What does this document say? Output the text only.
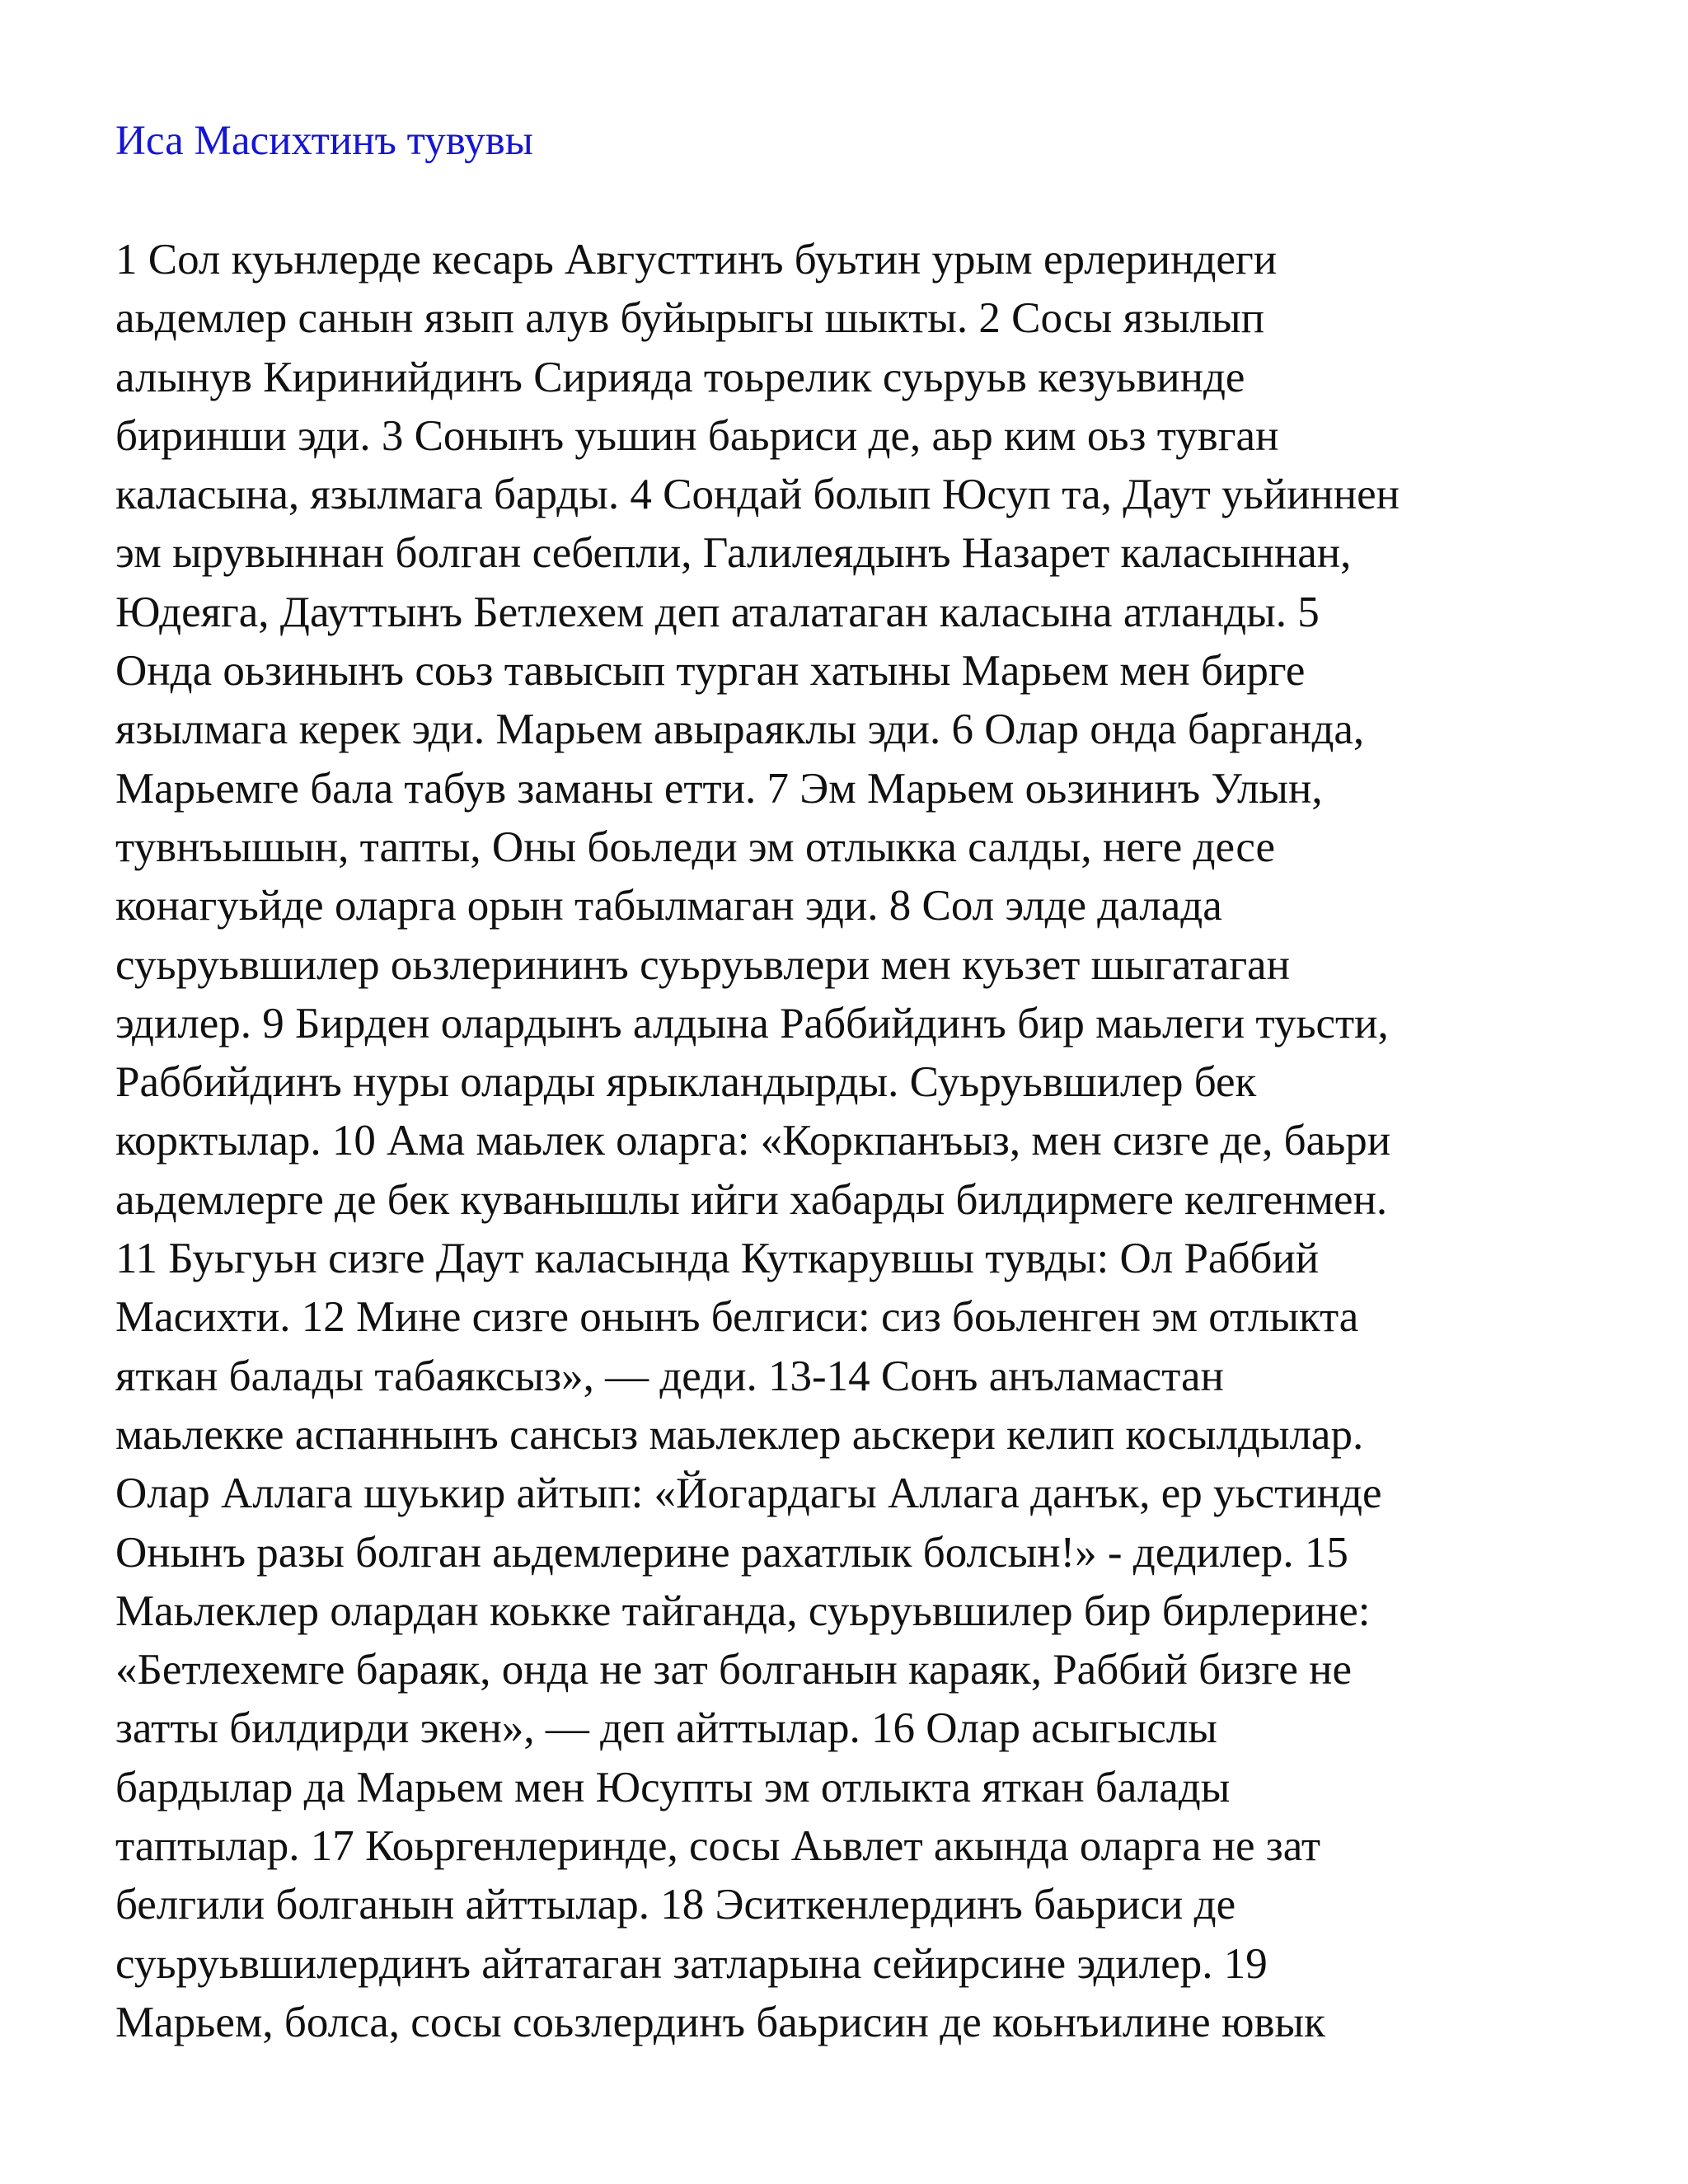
Иса Масихтинъ тувувы

1 Сол куьнлерде кесарь Августтинъ буьтин урым ерлериндеги
аьдемлер санын язып алув буйырыгы шыкты. 2 Сосы язылып
алынув Киринийдинъ Сирияда тоьрелик суьруьв кезуьвинде
биринши эди. 3 Сонынъ уьшин баьриси де, аьр ким оьз тувган
каласына, язылмага барды. 4 Сондай болып Юсуп та, Даут уьйиннен
эм ырувыннан болган себепли, Галилеядынъ Назарет каласыннан,
Юдеяга, Дауттынъ Бетлехем деп аталатаган каласына атланды. 5
Онда оьзинынъ соьз тавысып турган хатыны Марьем мен бирге
язылмага керек эди. Марьем авыраяклы эди. 6 Олар онда барганда,
Марьемге бала табув заманы етти. 7 Эм Марьем оьзининъ Улын,
тувнъышын, тапты, Оны боьледи эм отлыкка салды, неге десе
конагуьйде оларга орын табылмаган эди. 8 Сол элде далада
суьруьвшилер оьзлерининъ суьруьвлери мен куьзет шыгатаган
эдилер. 9 Бирден олардынъ алдына Раббийдинъ бир маьлеги туьсти,
Раббийдинъ нуры оларды ярыкландырды. Суьруьвшилер бек
корктылар. 10 Ама маьлек оларга: «Коркпанъыз, мен сизге де, баьри
аьдемлерге де бек куванышлы ийги хабарды билдирмеге келгенмен.
11 Буьгуьн сизге Даут каласында Куткарувшы тувды: Ол Раббий
Масихти. 12 Мине сизге онынъ белгиси: сиз боьленген эм отлыкта
яткан балады табаяксыз», — деди. 13-14 Сонъ анъламастан
маьлекке аспаннынъ сансыз маьлеклер аьскери келип косылдылар.
Олар Аллага шуькир айтып: «Йогардагы Аллага данък, ер уьстинде
Онынъ разы болган аьдемлерине рахатлык болсын!» - дедилер. 15
Маьлеклер олардан коькке тайганда, суьруьвшилер бир бирлерине:
«Бетлехемге бараяк, онда не зат болганын караяк, Раббий бизге не
затты билдирди экен», — деп айттылар. 16 Олар асыгыслы
бардылар да Марьем мен Юсупты эм отлыкта яткан балады
таптылар. 17 Коьргенлеринде, сосы Аьвлет акында оларга не зат
белгили болганын айттылар. 18 Эситкенлердинъ баьриси де
суьруьвшилердинъ айтатаган затларына сейирсине эдилер. 19
Марьем, болса, сосы соьзлердинъ баьрисин де коьнъилине ювык
